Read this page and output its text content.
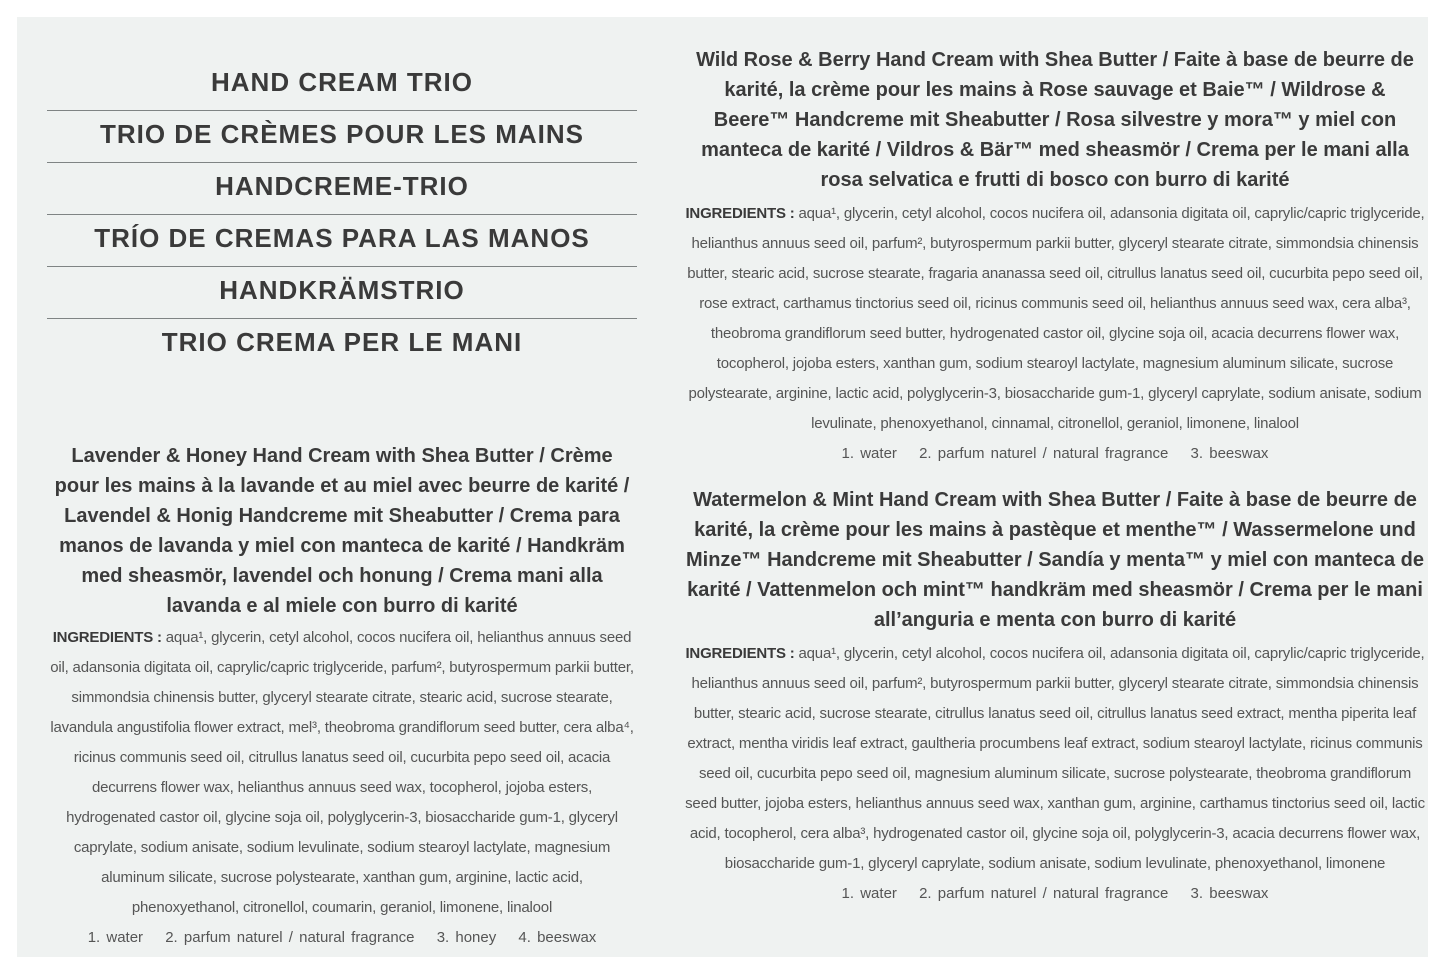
HAND CREAM TRIO
TRIO DE CRÈMES POUR LES MAINS
HANDCREME-TRIO
TRÍO DE CREMAS PARA LAS MANOS
HANDKRÄMSTRIO
TRIO CREMA PER LE MANI

Lavender & Honey Hand Cream with Shea Butter / Crème pour les mains à la lavande et au miel avec beurre de karité / Lavendel & Honig Handcreme mit Sheabutter / Crema para manos de lavanda y miel con manteca de karité / Handkräm med sheasmör, lavendel och honung / Crema mani alla lavanda e al miele con burro di karité

INGREDIENTS : aqua¹, glycerin, cetyl alcohol, cocos nucifera oil, helianthus annuus seed oil, adansonia digitata oil, caprylic/capric triglyceride, parfum², butyrospermum parkii butter, simmondsia chinensis butter, glyceryl stearate citrate, stearic acid, sucrose stearate, lavandula angustifolia flower extract, mel³, theobroma grandiflorum seed butter, cera alba⁴, ricinus communis seed oil, citrullus lanatus seed oil, cucurbita pepo seed oil, acacia decurrens flower wax, helianthus annuus seed wax, tocopherol, jojoba esters, hydrogenated castor oil, glycine soja oil, polyglycerin-3, biosaccharide gum-1, glyceryl caprylate, sodium anisate, sodium levulinate, sodium stearoyl lactylate, magnesium aluminum silicate, sucrose polystearate, xanthan gum, arginine, lactic acid, phenoxyethanol, citronellol, coumarin, geraniol, limonene, linalool

1. water 2. parfum naturel / natural fragrance 3. honey 4. beeswax

Wild Rose & Berry Hand Cream with Shea Butter / Faite à base de beurre de karité, la crème pour les mains à Rose sauvage et Baie™ / Wildrose & Beere™ Handcreme mit Sheabutter / Rosa silvestre y mora™ y miel con manteca de karité / Vildros & Bär™ med sheasmör / Crema per le mani alla rosa selvatica e frutti di bosco con burro di karité

INGREDIENTS : aqua¹, glycerin, cetyl alcohol, cocos nucifera oil, adansonia digitata oil, caprylic/capric triglyceride, helianthus annuus seed oil, parfum², butyrospermum parkii butter, glyceryl stearate citrate, simmondsia chinensis butter, stearic acid, sucrose stearate, fragaria ananassa seed oil, citrullus lanatus seed oil, cucurbita pepo seed oil, rose extract, carthamus tinctorius seed oil, ricinus communis seed oil, helianthus annuus seed wax, cera alba³, theobroma grandiflorum seed butter, hydrogenated castor oil, glycine soja oil, acacia decurrens flower wax, tocopherol, jojoba esters, xanthan gum, sodium stearoyl lactylate, magnesium aluminum silicate, sucrose polystearate, arginine, lactic acid, polyglycerin-3, biosaccharide gum-1, glyceryl caprylate, sodium anisate, sodium levulinate, phenoxyethanol, cinnamal, citronellol, geraniol, limonene, linalool

1. water 2. parfum naturel / natural fragrance 3. beeswax

Watermelon & Mint Hand Cream with Shea Butter / Faite à base de beurre de karité, la crème pour les mains à pastèque et menthe™ / Wassermelone und Minze™ Handcreme mit Sheabutter / Sandía y menta™ y miel con manteca de karité / Vattenmelon och mint™ handkräm med sheasmör / Crema per le mani all’anguria e menta con burro di karité

INGREDIENTS : aqua¹, glycerin, cetyl alcohol, cocos nucifera oil, adansonia digitata oil, caprylic/capric triglyceride, helianthus annuus seed oil, parfum², butyrospermum parkii butter, glyceryl stearate citrate, simmondsia chinensis butter, stearic acid, sucrose stearate, citrullus lanatus seed oil, citrullus lanatus seed extract, mentha piperita leaf extract, mentha viridis leaf extract, gaultheria procumbens leaf extract, sodium stearoyl lactylate, ricinus communis seed oil, cucurbita pepo seed oil, magnesium aluminum silicate, sucrose polystearate, theobroma grandiflorum seed butter, jojoba esters, helianthus annuus seed wax, xanthan gum, arginine, carthamus tinctorius seed oil, lactic acid, tocopherol, cera alba³, hydrogenated castor oil, glycine soja oil, polyglycerin-3, acacia decurrens flower wax, biosaccharide gum-1, glyceryl caprylate, sodium anisate, sodium levulinate, phenoxyethanol, limonene

1. water 2. parfum naturel / natural fragrance 3. beeswax
